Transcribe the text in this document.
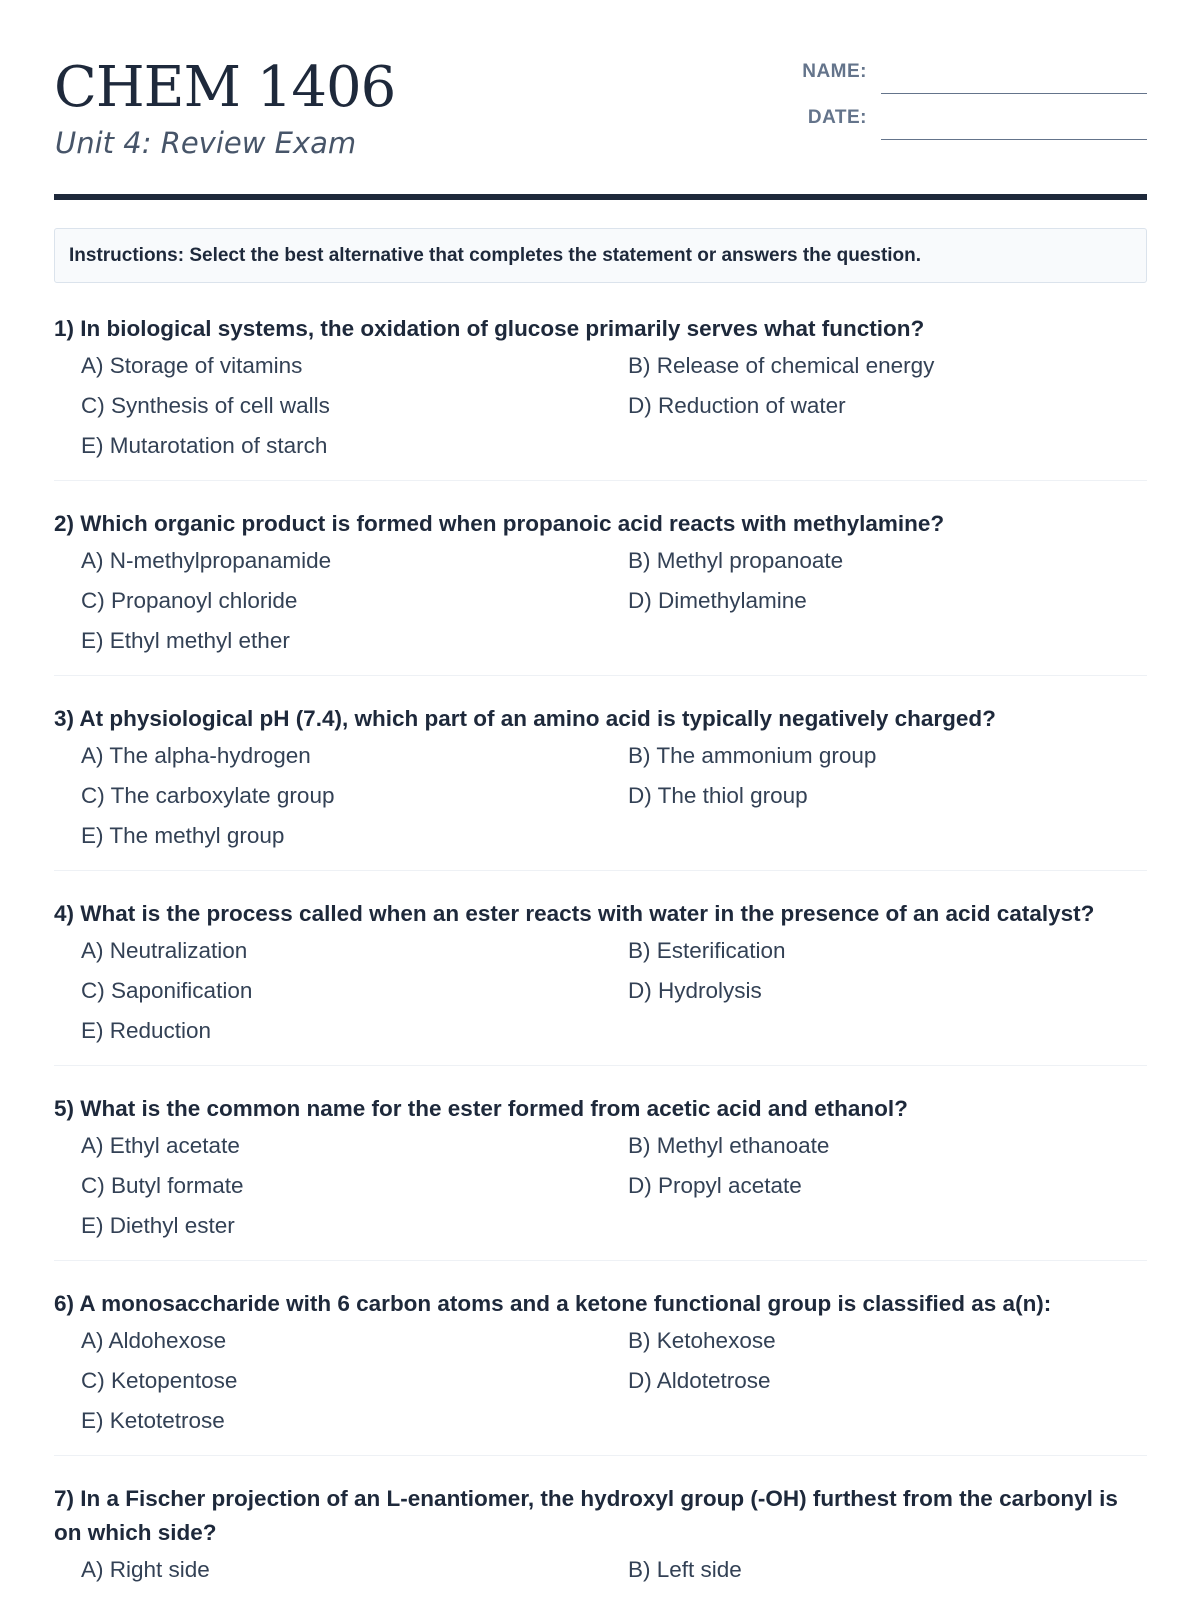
CHEM 1406
Unit 4: Review Exam
NAME:
DATE:
Instructions: Select the best alternative that completes the statement or answers the question.
1) In biological systems, the oxidation of glucose primarily serves what function?
A) Storage of vitamins	B) Release of chemical energy
C) Synthesis of cell walls	D) Reduction of water
E) Mutarotation of starch
2) Which organic product is formed when propanoic acid reacts with methylamine?
A) N-methylpropanamide	B) Methyl propanoate
C) Propanoyl chloride	D) Dimethylamine
E) Ethyl methyl ether
3) At physiological pH (7.4), which part of an amino acid is typically negatively charged?
A) The alpha-hydrogen	B) The ammonium group
C) The carboxylate group	D) The thiol group
E) The methyl group
4) What is the process called when an ester reacts with water in the presence of an acid catalyst?
A) Neutralization	B) Esterification
C) Saponification	D) Hydrolysis
E) Reduction
5) What is the common name for the ester formed from acetic acid and ethanol?
A) Ethyl acetate	B) Methyl ethanoate
C) Butyl formate	D) Propyl acetate
E) Diethyl ester
6) A monosaccharide with 6 carbon atoms and a ketone functional group is classified as a(n):
A) Aldohexose	B) Ketohexose
C) Ketopentose	D) Aldotetrose
E) Ketotetrose
7) In a Fischer projection of an L-enantiomer, the hydroxyl group (-OH) furthest from the carbonyl is on which side?
A) Right side	B) Left side
